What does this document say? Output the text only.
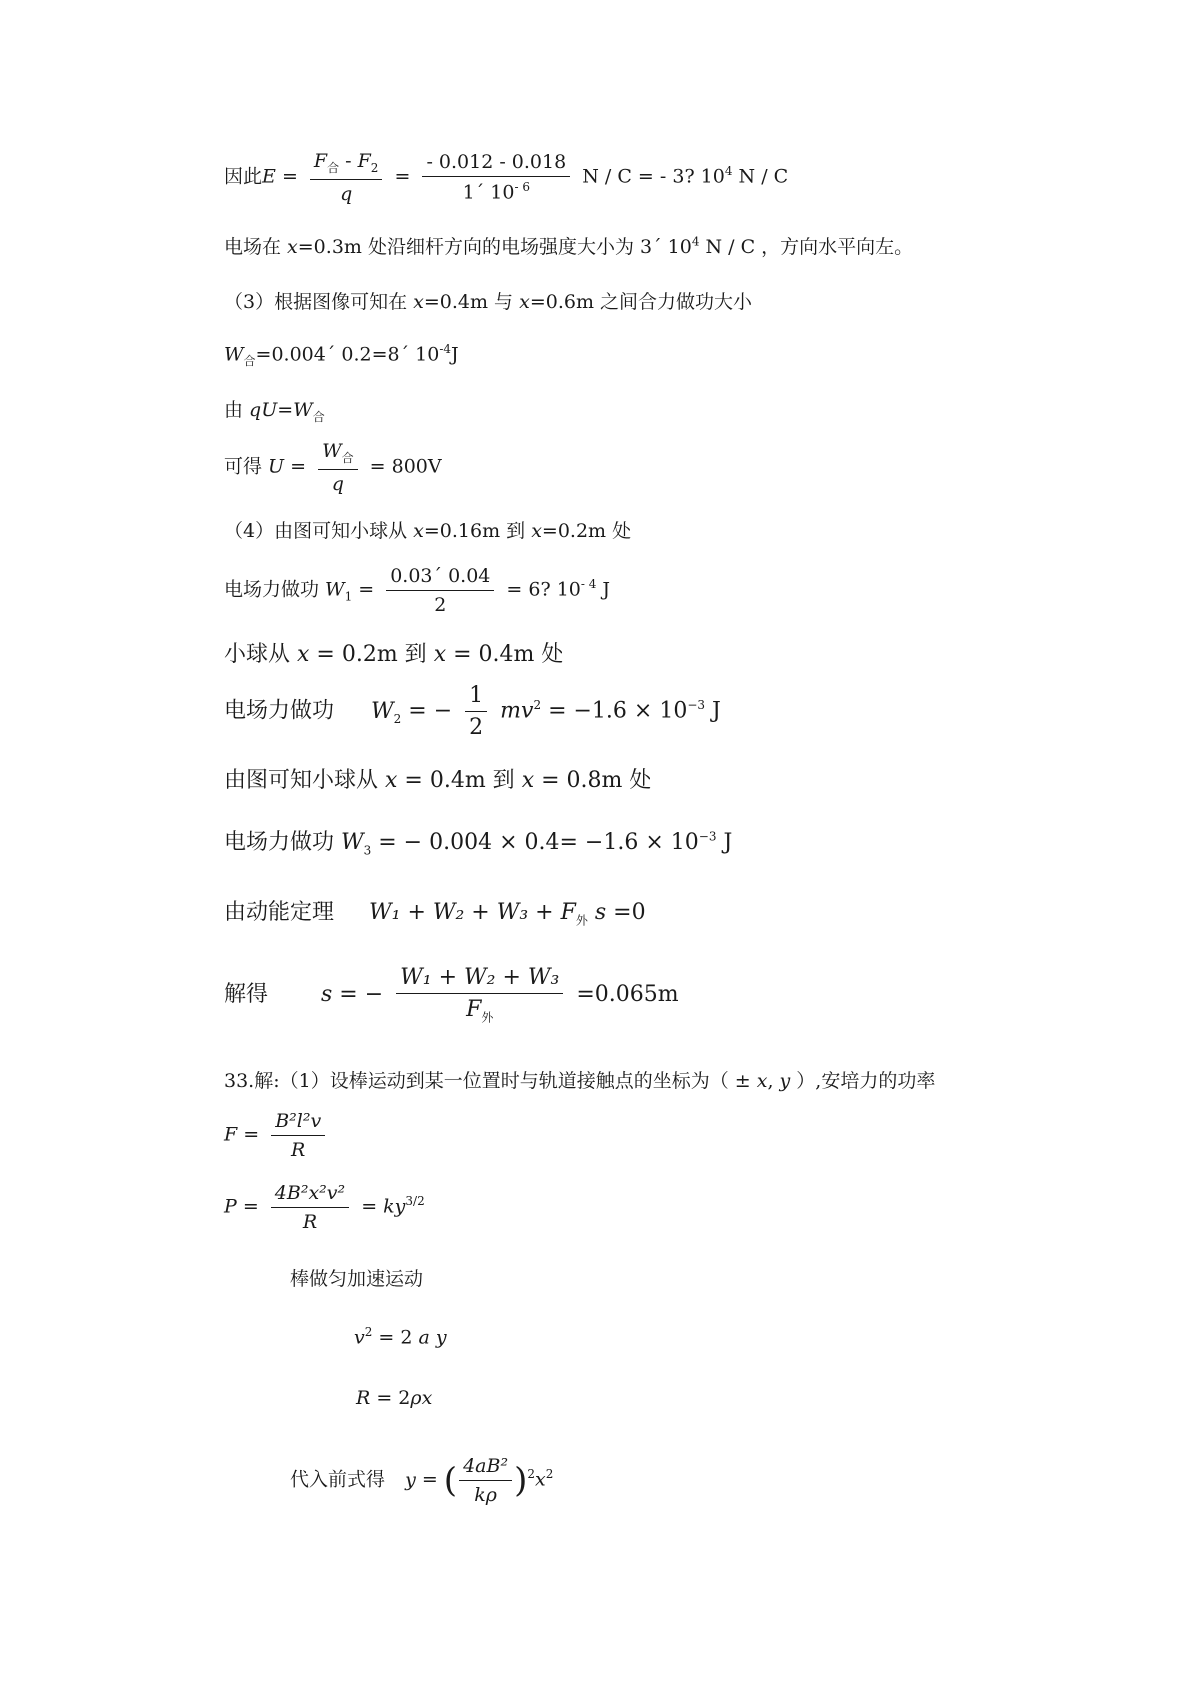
因此$E = \frac{F_合 - F_2}{q} = \frac{- 0.012 - 0.018}{1´ 10^{- 6}}$ N / C = - 3? $10^4$ N / C
电场在 x=0.3m 处沿细杆方向的电场强度大小为 3´ $10^4$ N / C ，方向水平向左。
（3）根据图像可知在 x=0.4m 与 x=0.6m 之间合力做功大小
$W_合=0.004´$ 0.2=8´ $10^{-4}J$
由 $qU=W_合$
可得 $U = \frac{W_合}{q} = 800V$
（4）由图可知小球从 x=0.16m 到 x=0.2m 处
电场力做功 $W_1 = \frac{0.03´ 0.04}{2} = 6$? $10^{- 4}$ J
小球从 x = 0.2m 到 x = 0.4m 处
电场力做功 $W_2$ = − $\frac{1}{2} mv^2 = -1.6 \times 10^{-3}$ J
由图可知小球从 x = 0.4m 到 x = 0.8m 处
电场力做功 $W_3$ = − $0.004 \times 0.4= -1.6 \times 10^{-3}$ J
由动能定理 $W_1 + W_2 + W_3 + F_外$ s =0
解得 s = − $\frac{\text{W₁ + W₂ + W₃}}{F_外} =0.065m$
33.解:（1）设棒运动到某一位置时与轨道接触点的坐标为（ ± x, y ）,安培力的功率
$F = \frac{\text{B²l²v}}{R}$
$P = \frac{\text{4B²x²v²}}{R} = ky^{3/2}$
棒做匀加速运动
$v^2 = 2$ a y
R = 2ρx
代入前式得 y = ( $\frac{\text{4aB²}}{k\rho} )^2x^2$
